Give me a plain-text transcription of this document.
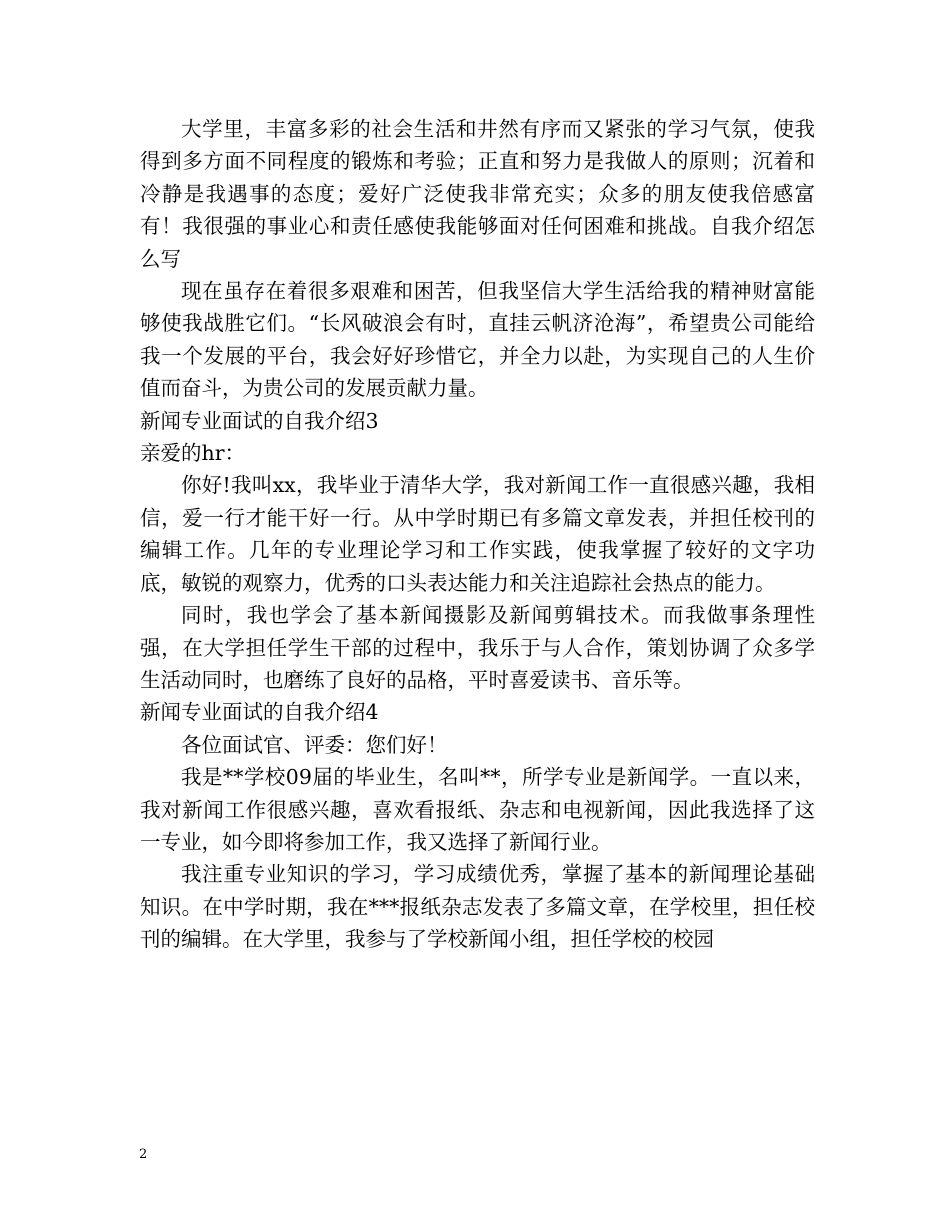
大学里，丰富多彩的社会生活和井然有序而又紧张的学习气氛，使我得到多方面不同程度的锻炼和考验；正直和努力是我做人的原则；沉着和冷静是我遇事的态度；爱好广泛使我非常充实；众多的朋友使我倍感富有！我很强的事业心和责任感使我能够面对任何困难和挑战。自我介绍怎么写

现在虽存在着很多艰难和困苦，但我坚信大学生活给我的精神财富能够使我战胜它们。“长风破浪会有时，直挂云帆济沧海”，希望贵公司能给我一个发展的平台，我会好好珍惜它，并全力以赴，为实现自己的人生价值而奋斗，为贵公司的发展贡献力量。

新闻专业面试的自我介绍3

亲爱的hr：

你好!我叫xx，我毕业于清华大学，我对新闻工作一直很感兴趣，我相信，爱一行才能干好一行。从中学时期已有多篇文章发表，并担任校刊的编辑工作。几年的专业理论学习和工作实践，使我掌握了较好的文字功底，敏锐的观察力，优秀的口头表达能力和关注追踪社会热点的能力。

同时，我也学会了基本新闻摄影及新闻剪辑技术。而我做事条理性强，在大学担任学生干部的过程中，我乐于与人合作，策划协调了众多学生活动同时，也磨练了良好的品格，平时喜爱读书、音乐等。

新闻专业面试的自我介绍4

各位面试官、评委：您们好！

我是**学校09届的毕业生，名叫**，所学专业是新闻学。一直以来，我对新闻工作很感兴趣，喜欢看报纸、杂志和电视新闻，因此我选择了这一专业，如今即将参加工作，我又选择了新闻行业。

我注重专业知识的学习，学习成绩优秀，掌握了基本的新闻理论基础知识。在中学时期，我在***报纸杂志发表了多篇文章，在学校里，担任校刊的编辑。在大学里，我参与了学校新闻小组，担任学校的校园

2
